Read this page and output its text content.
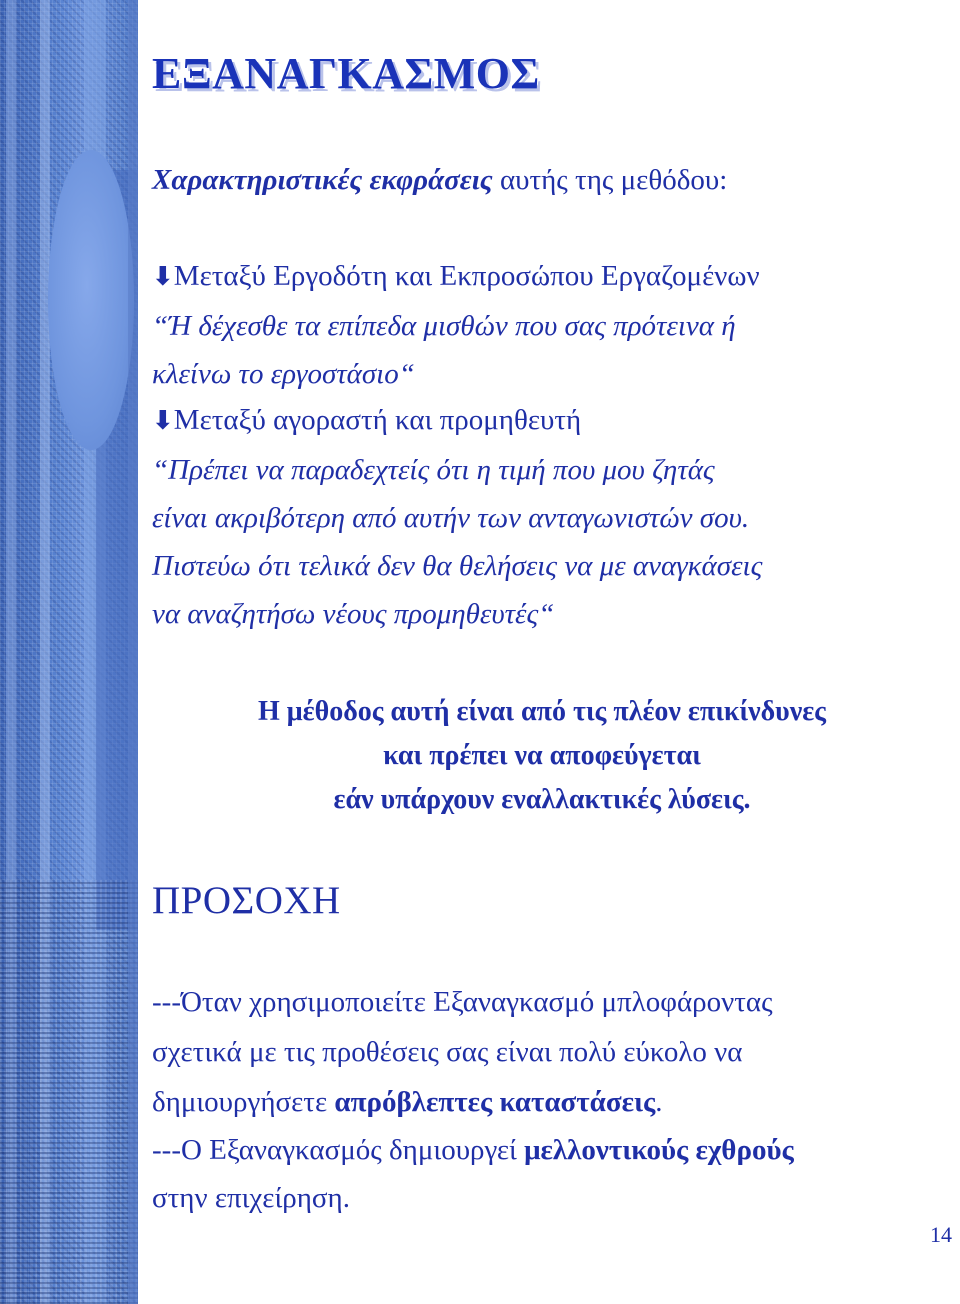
ΕΞΑΝΑΓΚΑΣΜΟΣ
Χαρακτηριστικές εκφράσεις αυτής της μεθόδου:
⬇Μεταξύ Εργοδότη και Εκπροσώπου Εργαζομένων
“Ή δέχεσθε τα επίπεδα μισθών που σας πρότεινα ή
κλείνω το εργοστάσιο“
⬇Μεταξύ αγοραστή και προμηθευτή
“Πρέπει να παραδεχτείς ότι η τιμή που μου ζητάς
είναι ακριβότερη από αυτήν των ανταγωνιστών σου.
Πιστεύω ότι τελικά δεν θα θελήσεις να με αναγκάσεις
να αναζητήσω νέους προμηθευτές“
Η μέθοδος αυτή είναι από τις πλέον επικίνδυνες
και πρέπει να αποφεύγεται
εάν υπάρχουν εναλλακτικές λύσεις.
ΠΡΟΣΟΧΗ
---Όταν χρησιμοποιείτε Εξαναγκασμό μπλοφάροντας
σχετικά με τις προθέσεις σας είναι πολύ εύκολο να
δημιουργήσετε απρόβλεπτες καταστάσεις.
---Ο Εξαναγκασμός δημιουργεί μελλοντικούς εχθρούς
στην επιχείρηση.
14
